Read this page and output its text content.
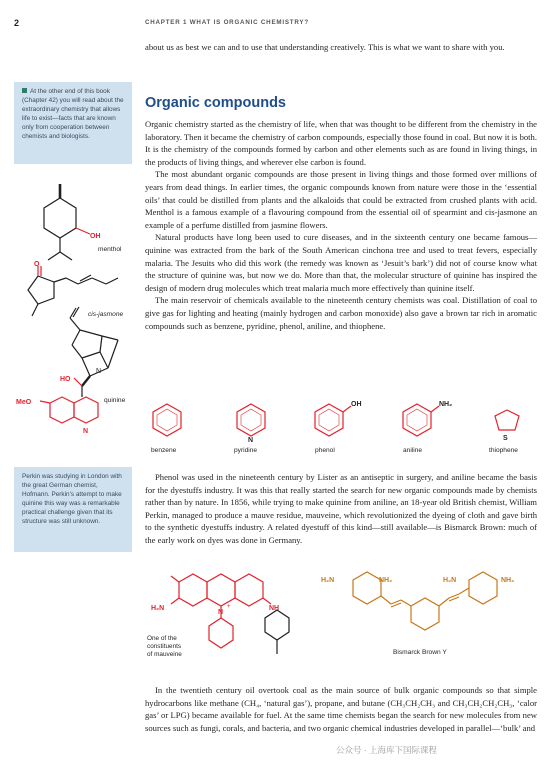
2	CHAPTER 1 WHAT IS ORGANIC CHEMISTRY?

about us as best we can and to use that understanding creatively. This is what we want to share with you.

At the other end of this book (Chapter 42) you will read about the extraordinary chemistry that allows life to exist—facts that are known only from cooperation between chemists and biologists.
Organic compounds

Organic chemistry started as the chemistry of life, when that was thought to be different from the chemistry in the laboratory. Then it became the chemistry of carbon compounds, especially those found in coal. But now it is both. It is the chemistry of the compounds formed by carbon and other elements such as are found in living things, in the products of living things, and wherever else carbon is found.

The most abundant organic compounds are those present in living things and those formed over millions of years from dead things. In earlier times, the organic compounds known from nature were those in the ‘essential oils’ that could be distilled from plants and the alkaloids that could be extracted from crushed plants with acid. Menthol is a famous example of a flavouring compound from the essential oil of spearmint and cis-jasmone an example of a perfume distilled from jasmine flowers.

Natural products have long been used to cure diseases, and in the sixteenth century one became famous—quinine was extracted from the bark of the South American cinchona tree and used to treat fevers, especially malaria. The Jesuits who did this work (the remedy was known as ‘Jesuit’s bark’) did not of course know what the structure of quinine was, but now we do. More than that, the molecular structure of quinine has inspired the design of modern drug molecules which treat malaria much more effectively than quinine itself.

The main reservoir of chemicals available to the nineteenth century chemists was coal. Distillation of coal to give gas for lighting and heating (mainly hydrogen and carbon monoxide) also gave a brown tar rich in aromatic compounds such as benzene, pyridine, phenol, aniline, and thiophene.

OH
menthol
O
cis-jasmone
N
HO
quinine
MeO
N
N
OH	NH₂
S
benzene	pyridine	phenol	aniline	thiophene
Perkin was studying in London with the great German chemist, Hofmann. Perkin’s attempt to make quinine this way was a remarkable practical challenge given that its structure was still unknown.

Phenol was used in the nineteenth century by Lister as an antiseptic in surgery, and aniline became the basis for the dyestuffs industry. It was this that really started the search for new organic compounds made by chemists rather than by nature. In 1856, while trying to make quinine from aniline, an 18-year old British chemist, William Perkin, managed to produce a mauve residue, mauveine, which revolutionized the dyeing of cloth and gave birth to the synthetic dyestuffs industry. A related dyestuff of this kind—still available—is Bismarck Brown: much of the early work on dyes was done in Germany.

H₂N
N
+	NH
One of the
constituents
of mauveine
H₂N	NH₂	H₂N	NH₂
Bismarck Brown Y

In the twentieth century oil overtook coal as the main source of bulk organic compounds so that simple hydrocarbons like methane (CH₄, ‘natural gas’), propane, and butane (CH₃CH₂CH₃ and CH₃CH₂CH₂CH₃, ‘calor gas’ or LPG) became available for fuel. At the same time chemists began the search for new molecules from new sources such as fungi, corals, and bacteria, and two organic chemical industries developed in parallel—‘bulk’ and

公众号 · 上海库下国际课程
